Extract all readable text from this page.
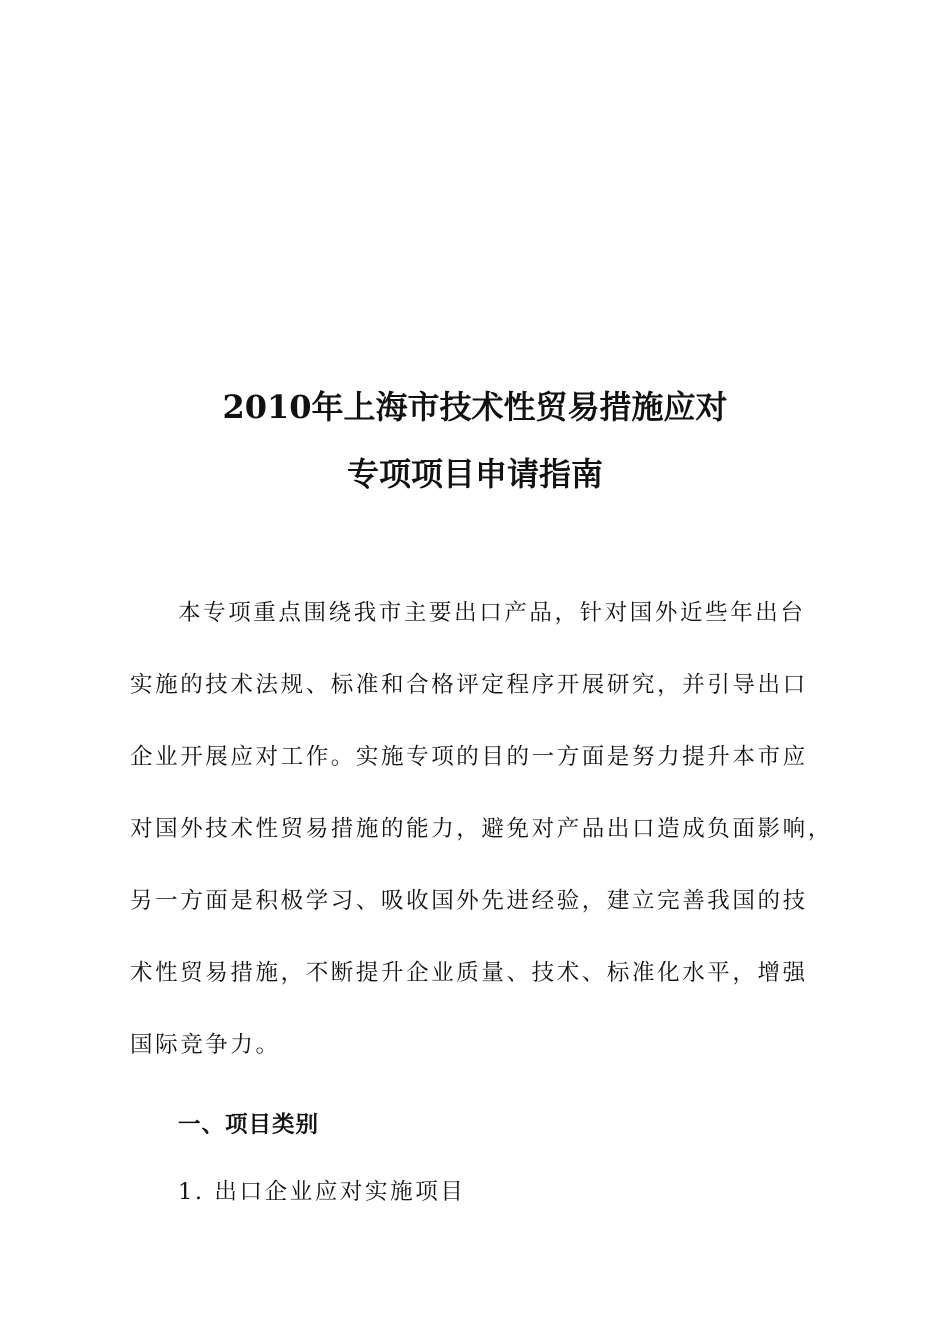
2010年上海市技术性贸易措施应对
专项项目申请指南
本专项重点围绕我市主要出口产品，针对国外近些年出台
实施的技术法规、标准和合格评定程序开展研究，并引导出口
企业开展应对工作。实施专项的目的一方面是努力提升本市应
对国外技术性贸易措施的能力，避免对产品出口造成负面影响，
另一方面是积极学习、吸收国外先进经验，建立完善我国的技
术性贸易措施，不断提升企业质量、技术、标准化水平，增强
国际竞争力。
一、项目类别
1. 出口企业应对实施项目
